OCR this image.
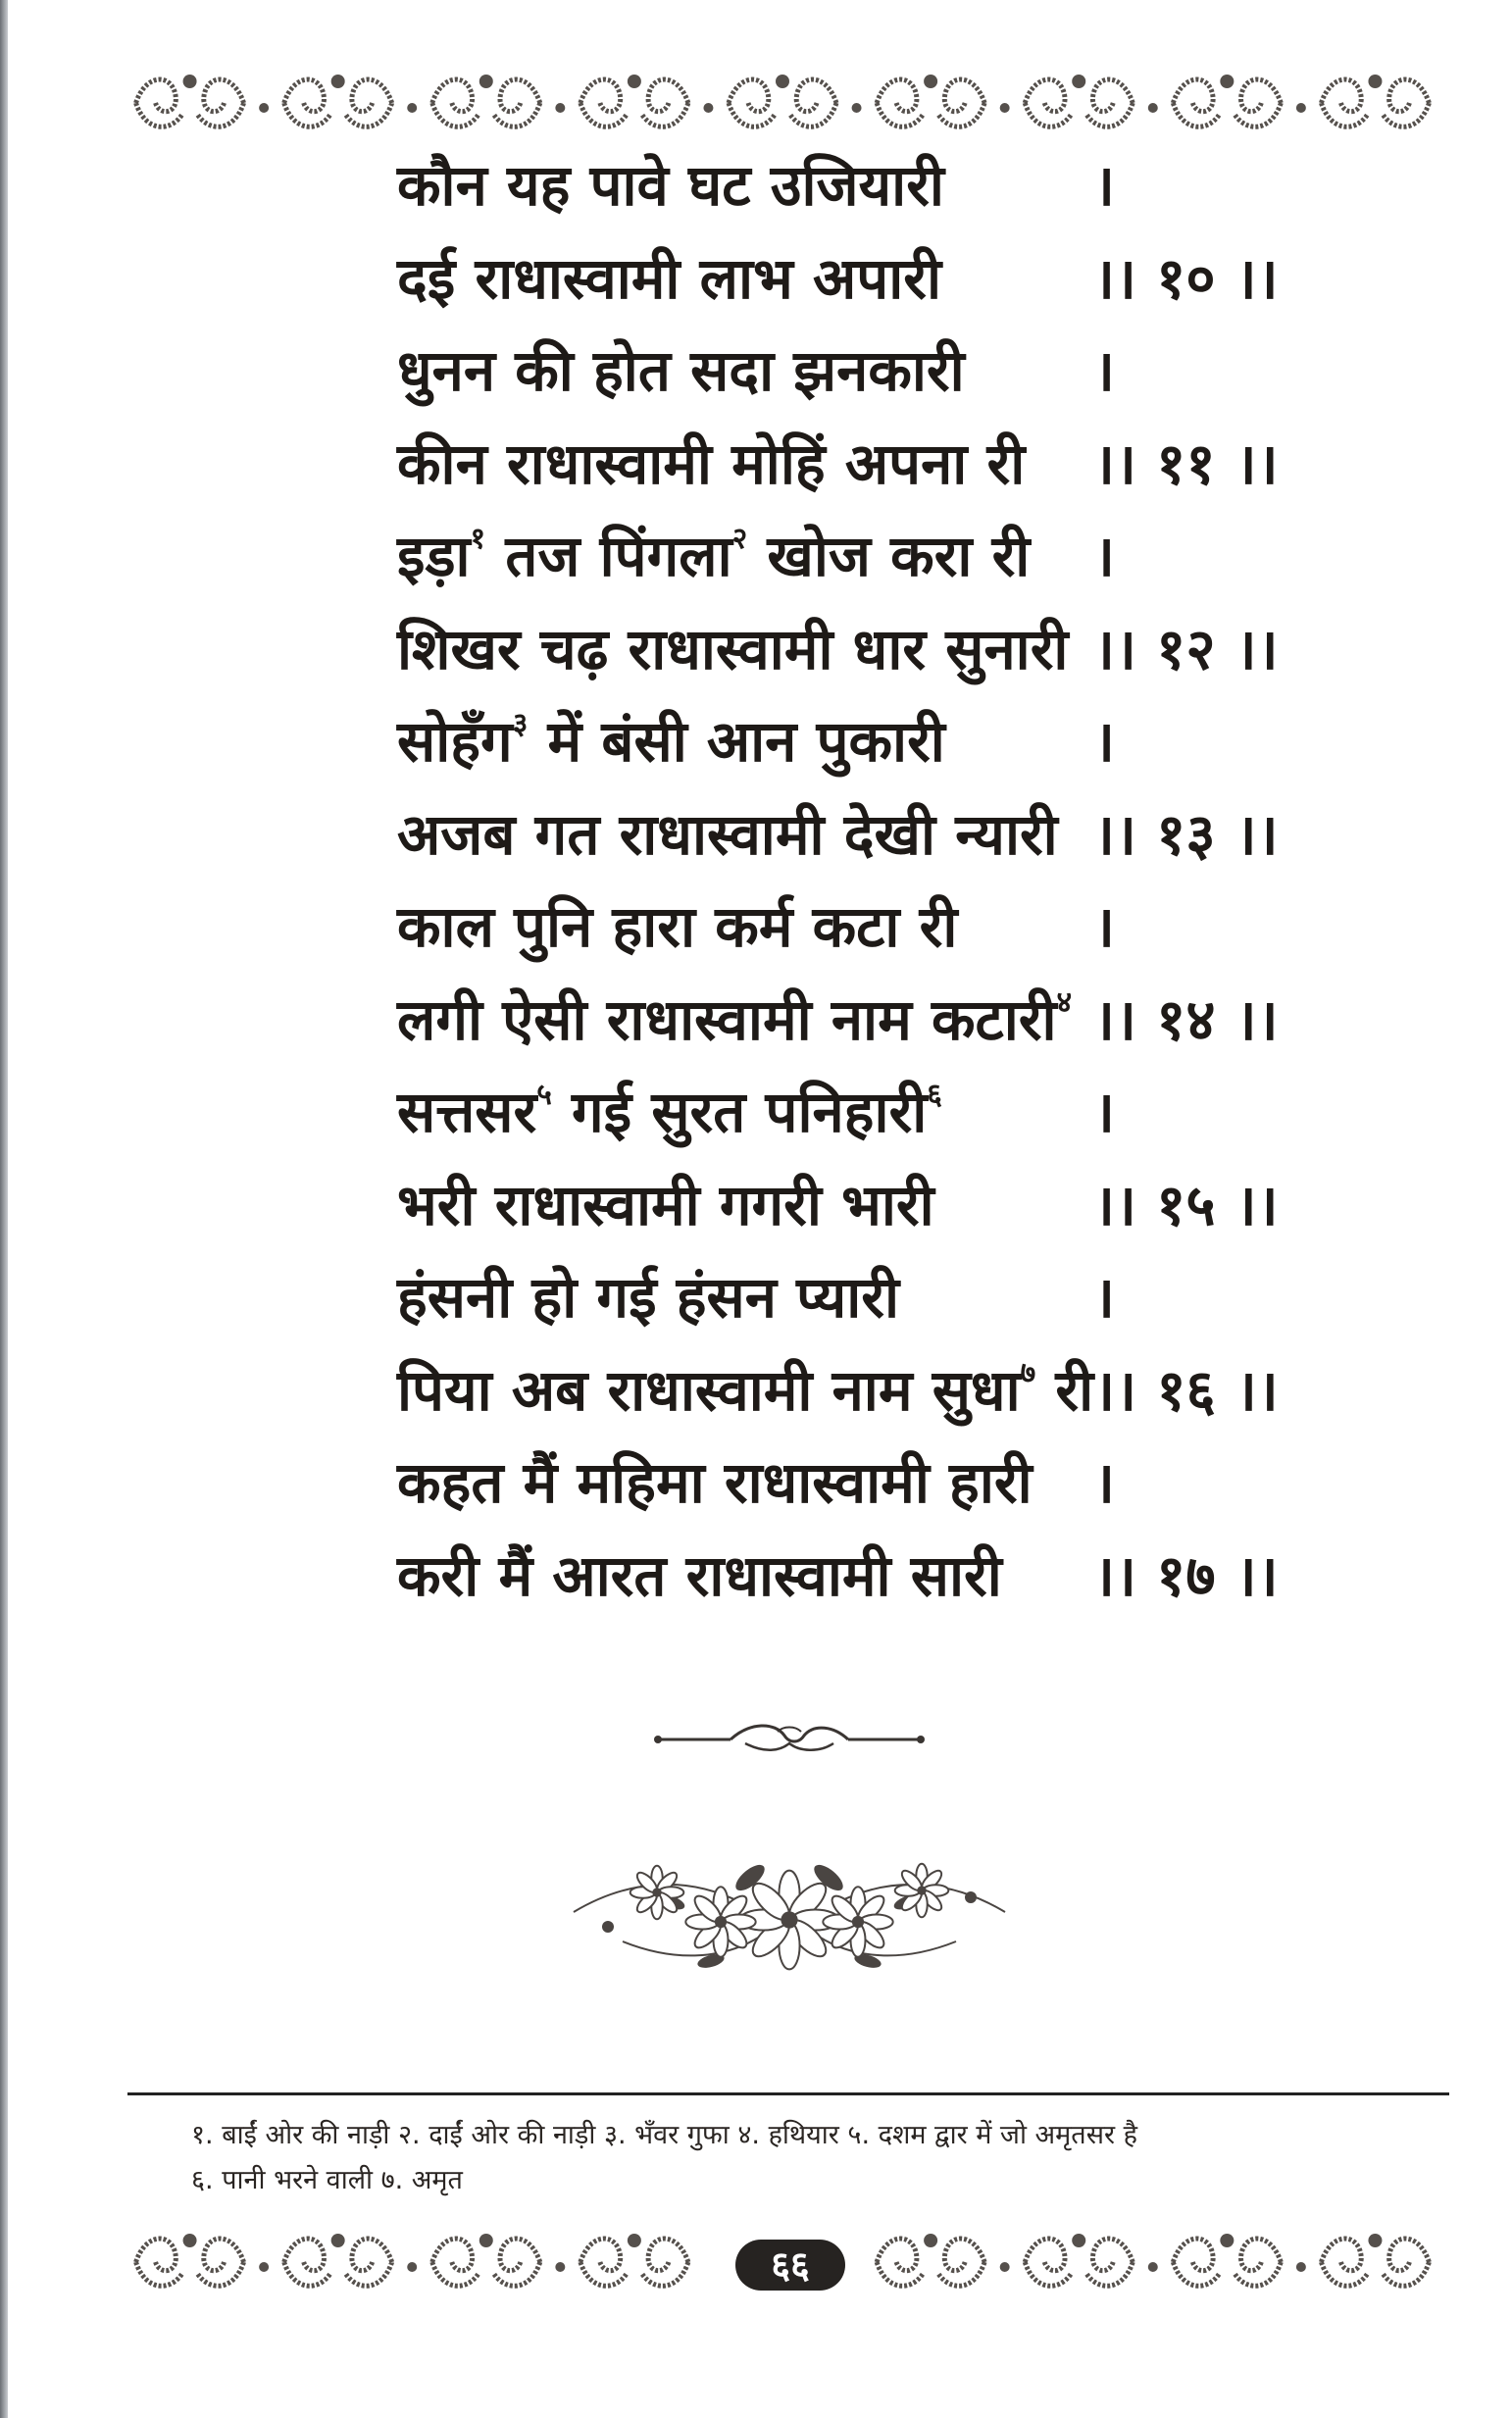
कौन यह पावे घट उजियारी	।
दई राधास्वामी लाभ अपारी	।। १० ।।
धुनन की होत सदा झनकारी	।
कीन राधास्वामी मोहिं अपना री	।। ११ ।।
इड़ा$^१$ तज पिंगला$^२$ खोज करा री	।
शिखर चढ़ राधास्वामी धार सुनारी ।। १२ ।।
सोहँग$^३$ में बंसी आन पुकारी	।
अजब गत राधास्वामी देखी न्यारी ।। १३ ।।
काल पुनि हारा कर्म कटा री	।
लगी ऐसी राधास्वामी नाम कटारी$^४$ ।। १४ ।।
सत्तसर$^५$ गई सुरत पनिहारी$^६$	।
भरी राधास्वामी गगरी भारी	।। १५ ।।
हंसनी हो गई हंसन प्यारी	।
पिया अब राधास्वामी नाम सुधा$^७$ री ।। १६ ।।
कहत मैं महिमा राधास्वामी हारी	।
करी मैं आरत राधास्वामी सारी	।। १७ ।।
१. बाईं ओर की नाड़ी २. दाईं ओर की नाड़ी ३. भँवर गुफा ४. हथियार ५. दशम द्वार में जो अमृतसर है
६. पानी भरने वाली ७. अमृत
६६
